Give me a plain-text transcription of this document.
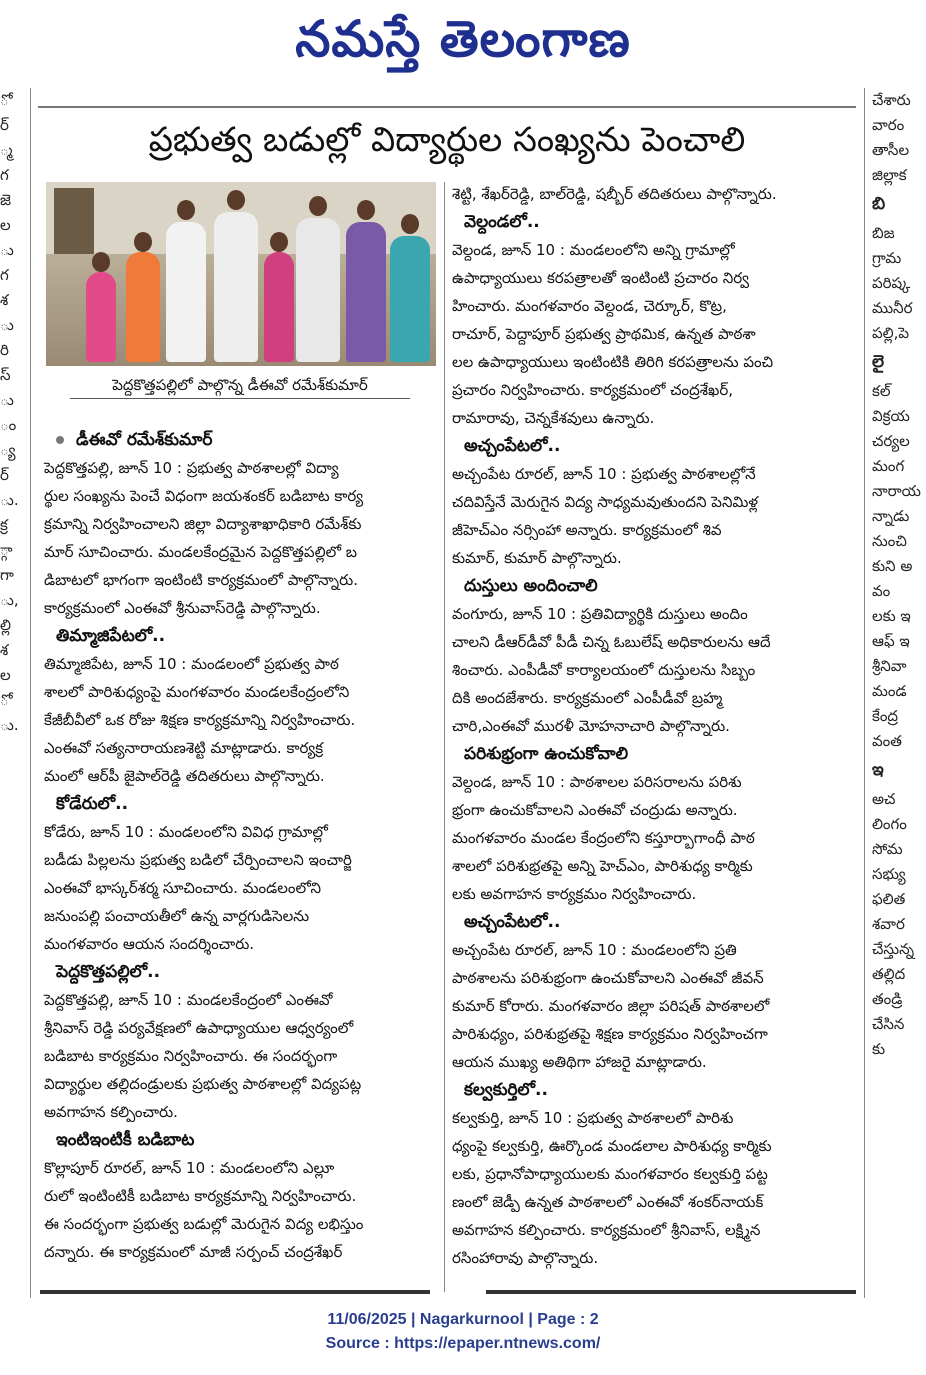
నమస్తే తెలంగాణ
ో
ర్
్మ
గ
జె
ల
ు
గ
శ
ు
రి
స్
ు
ం
్య
ర్
ు.
క్ర
్గా
గా
ు,
ల్లి
శ
ల
ో
ు.
ప్రభుత్వ బడుల్లో విద్యార్థుల సంఖ్యను పెంచాలి
పెద్దకొత్తపల్లిలో పాల్గొన్న డీఈవో రమేశ్‌కుమార్
డీఈవో రమేశ్‌కుమార్
పెద్దకొత్తపల్లి, జూన్ 10 : ప్రభుత్వ పాఠశాలల్లో విద్యా
ర్థుల సంఖ్యను పెంచే విధంగా జయశంకర్ బడిబాట కార్య
క్రమాన్ని నిర్వహించాలని జిల్లా విద్యాశాఖాధికారి రమేశ్‌కు
మార్ సూచించారు. మండలకేంద్రమైన పెద్దకొత్తపల్లిలో బ
డిబాటలో భాగంగా ఇంటింటి కార్యక్రమంలో పాల్గొన్నారు.
కార్యక్రమంలో ఎంఈవో శ్రీనువాస్‌రెడ్డి పాల్గొన్నారు.
తిమ్మాజిపేటలో..
తిమ్మాజిపేట, జూన్ 10 : మండలంలో ప్రభుత్వ పాఠ
శాలలో పారిశుధ్యంపై మంగళవారం మండలకేంద్రంలోని
కేజీబీవీలో ఒక రోజు శిక్షణ కార్యక్రమాన్ని నిర్వహించారు.
ఎంఈవో సత్యనారాయణశెట్టి మాట్లాడారు. కార్యక్ర
మంలో ఆర్‌పీ జైపాల్‌రెడ్డి తదితరులు పాల్గొన్నారు.
కోడేరులో..
కోడేరు, జూన్ 10 : మండలంలోని వివిధ గ్రామాల్లో
బడీడు పిల్లలను ప్రభుత్వ బడిలో చేర్పించాలని ఇంచార్జి
ఎంఈవో భాస్కర్‌శర్మ సూచించారు. మండలంలోని
జనుంపల్లి పంచాయతీలో ఉన్న వార్లగుడిసెలను
మంగళవారం ఆయన సందర్శించారు.
పెద్దకొత్తపల్లిలో..
పెద్దకొత్తపల్లి, జూన్ 10 : మండలకేంద్రంలో ఎంఈవో
శ్రీనివాస్ రెడ్డి పర్యవేక్షణలో ఉపాధ్యాయుల ఆధ్వర్యంలో
బడిబాట కార్యక్రమం నిర్వహించారు. ఈ సందర్భంగా
విద్యార్థుల తల్లిదండ్రులకు ప్రభుత్వ పాఠశాలల్లో విద్యపట్ల
అవగాహన కల్పించారు.
ఇంటిఇంటికీ బడిబాట
కొల్లాపూర్ రూరల్, జూన్ 10 : మండలంలోని ఎల్లూ
రులో ఇంటింటికీ బడిబాట కార్యక్రమాన్ని నిర్వహించారు.
ఈ సందర్భంగా ప్రభుత్వ బడుల్లో మెరుగైన విద్య లభిస్తుం
దన్నారు. ఈ కార్యక్రమంలో మాజీ సర్పంచ్ చంద్రశేఖర్
శెట్టి, శేఖర్‌రెడ్డి, బాల్‌రెడ్డి, షబ్బీర్ తదితరులు పాల్గొన్నారు.
వెల్దండలో..
వెల్దండ, జూన్ 10 : మండలంలోని అన్ని గ్రామాల్లో
ఉపాధ్యాయులు కరపత్రాలతో ఇంటింటి ప్రచారం నిర్వ
హించారు. మంగళవారం వెల్దండ, చెర్కూర్, కొట్ర,
రాచూర్, పెద్దాపూర్ ప్రభుత్వ ప్రాథమిక, ఉన్నత పాఠశా
లల ఉపాధ్యాయులు ఇంటింటికి తిరిగి కరపత్రాలను పంచి
ప్రచారం నిర్వహించారు. కార్యక్రమంలో చంద్రశేఖర్,
రామారావు, చెన్నకేశవులు ఉన్నారు.
అచ్చంపేటలో..
అచ్చంపేట రూరల్, జూన్ 10 : ప్రభుత్వ పాఠశాలల్లోనే
చదివిస్తేనే మెరుగైన విద్య సాధ్యమవుతుందని పెనిమిళ్ల
జీహెచ్ఎం నర్సింహా అన్నారు. కార్యక్రమంలో శివ
కుమార్, కుమార్ పాల్గొన్నారు.
దుస్తులు అందించాలి
వంగూరు, జూన్ 10 : ప్రతివిద్యార్థికి దుస్తులు అందిం
చాలని డీఆర్‌డీవో పీడీ చిన్న ఓబులేష్ అధికారులను ఆదే
శించారు. ఎంపీడీవో కార్యాలయంలో దుస్తులను సిబ్బం
దికి అందజేశారు. కార్యక్రమంలో ఎంపీడీవో బ్రహ్మ
చారి,ఎంఈవో మురళీ మోహనాచారి పాల్గొన్నారు.
పరిశుభ్రంగా ఉంచుకోవాలి
వెల్దండ, జూన్ 10 : పాఠశాలల పరిసరాలను పరిశు
భ్రంగా ఉంచుకోవాలని ఎంఈవో చంద్రుడు అన్నారు.
మంగళవారం మండల కేంద్రంలోని కస్తూర్బాగాంధీ పాఠ
శాలలో పరిశుభ్రతపై అన్ని హెచ్ఎం, పారిశుధ్య కార్మికు
లకు అవగాహన కార్యక్రమం నిర్వహించారు.
అచ్చంపేటలో..
అచ్చంపేట రూరల్, జూన్ 10 : మండలంలోని ప్రతి
పాఠశాలను పరిశుభ్రంగా ఉంచుకోవాలని ఎంఈవో జీవన్
కుమార్ కోరారు. మంగళవారం జిల్లా పరిషత్ పాఠశాలలో
పారిశుధ్యం, పరిశుభ్రతపై శిక్షణ కార్యక్రమం నిర్వహించగా
ఆయన ముఖ్య అతిథిగా హాజరై మాట్లాడారు.
కల్వకుర్తిలో..
కల్వకుర్తి, జూన్ 10 : ప్రభుత్వ పాఠశాలలో పారిశు
ధ్యంపై కల్వకుర్తి, ఊర్కొండ మండలాల పారిశుధ్య కార్మికు
లకు, ప్రధానోపాధ్యాయులకు మంగళవారం కల్వకుర్తి పట్ట
ణంలో జెడ్పీ ఉన్నత పాఠశాలలో ఎంఈవో శంకర్‌నాయక్
అవగాహన కల్పించారు. కార్యక్రమంలో శ్రీనివాస్, లక్ష్మిన
రసింహారావు పాల్గొన్నారు.
చేశారు
వారం
తాసీల
జిల్లాక
బి
బిజ
గ్రామ
పరిష్క
మునీర
పల్లి,పె
లై
కల్
విక్రయ
చర్యల
మంగ
నారాయ
న్నాడు
నుంచి
కుని అ
వం
లకు ఇ
ఆఫ్ ఇ
శ్రీనివా
మండ
కేంద్ర
వంత
ఇ
అచ
లింగం
సోమ
సభ్యు
ఫలిత
శవార
చేస్తున్న
తల్లిద
తండ్రి
చేసిన
కు
11/06/2025 | Nagarkurnool | Page : 2
Source : https://epaper.ntnews.com/
